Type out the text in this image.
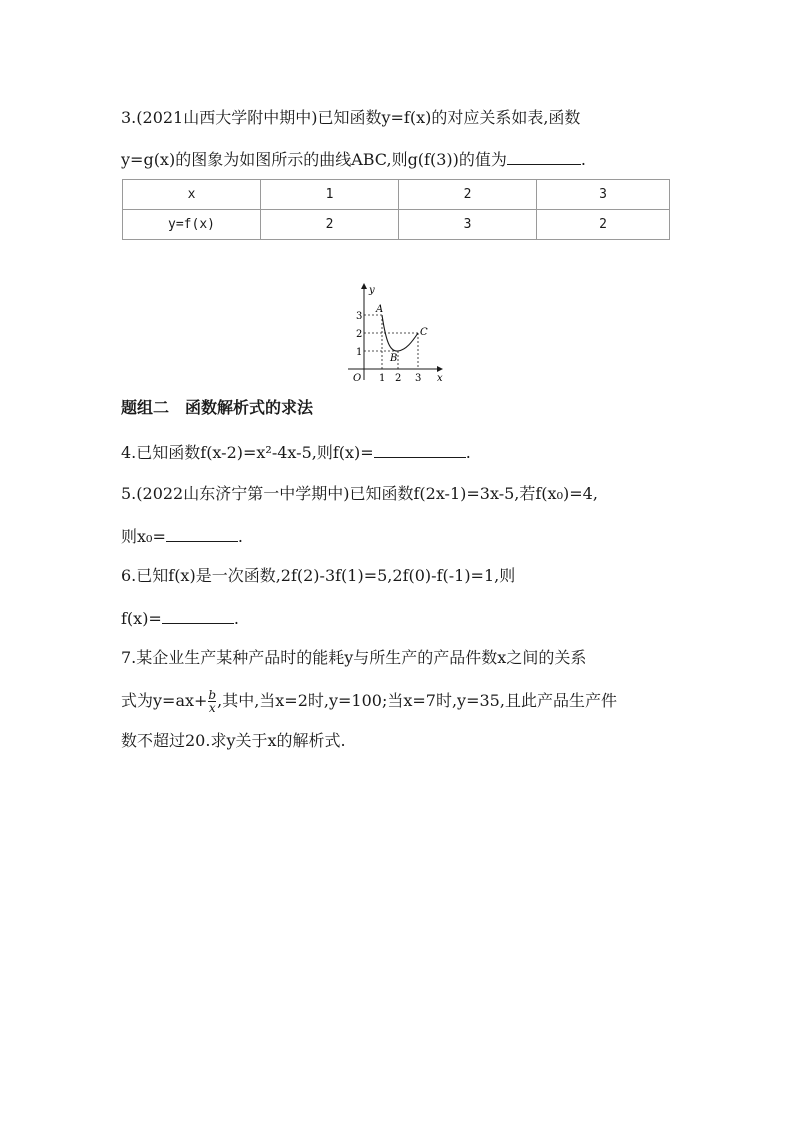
3.(2021山西大学附中期中)已知函数y=f(x)的对应关系如表,函数
y=g(x)的图象为如图所示的曲线ABC,则g(f(3))的值为	.
x	1	2	3
y=f(x)	2	3	2
y
x
O 1 2 3
1
2
3
A
B
C
题组二　函数解析式的求法
4.已知函数f(x-2)=x²-4x-5,则f(x)=	.
5.(2022山东济宁第一中学期中)已知函数f(2x-1)=3x-5,若f(x₀)=4,
则x₀=	.
6.已知f(x)是一次函数,2f(2)-3f(1)=5,2f(0)-f(-1)=1,则
f(x)=	.
7.某企业生产某种产品时的能耗y与所生产的产品件数x之间的关系
式为$y=ax+ \frac{b}{x}$ ,其中,当x=2时,y=100;当x=7时,y=35,且此产品生产件
数不超过20.求y关于x的解析式.
